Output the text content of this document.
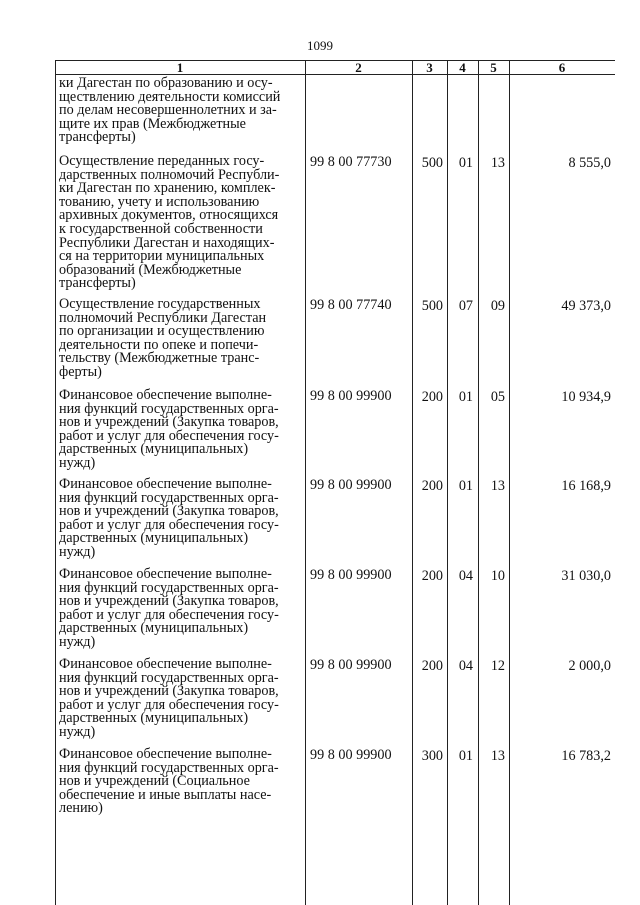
1099
1	2	3	4	5	6
ки Дагестан по образованию и осу-
ществлению деятельности комиссий
по делам несовершеннолетних и за-
щите их прав (Межбюджетные
трансферты)
Осуществление переданных госу-
дарственных полномочий Республи-
ки Дагестан по хранению, комплек-
тованию, учету и использованию
архивных документов, относящихся
к государственной собственности
Республики Дагестан и находящих-
ся на территории муниципальных
образований (Межбюджетные
трансферты)
99 8 00 77730	500	01	13	8 555,0
Осуществление государственных
полномочий Республики Дагестан
по организации и осуществлению
деятельности по опеке и попечи-
тельству (Межбюджетные транс-
ферты)
99 8 00 77740	500	07	09	49 373,0
Финансовое обеспечение выполне-
ния функций государственных орга-
нов и учреждений (Закупка товаров,
работ и услуг для обеспечения госу-
дарственных (муниципальных)
нужд)
99 8 00 99900	200	01	05	10 934,9
Финансовое обеспечение выполне-
ния функций государственных орга-
нов и учреждений (Закупка товаров,
работ и услуг для обеспечения госу-
дарственных (муниципальных)
нужд)
99 8 00 99900	200	01	13	16 168,9
Финансовое обеспечение выполне-
ния функций государственных орга-
нов и учреждений (Закупка товаров,
работ и услуг для обеспечения госу-
дарственных (муниципальных)
нужд)
99 8 00 99900	200	04	10	31 030,0
Финансовое обеспечение выполне-
ния функций государственных орга-
нов и учреждений (Закупка товаров,
работ и услуг для обеспечения госу-
дарственных (муниципальных)
нужд)
99 8 00 99900	200	04	12	2 000,0
Финансовое обеспечение выполне-
ния функций государственных орга-
нов и учреждений (Социальное
обеспечение и иные выплаты насе-
лению)
99 8 00 99900	300	01	13	16 783,2
